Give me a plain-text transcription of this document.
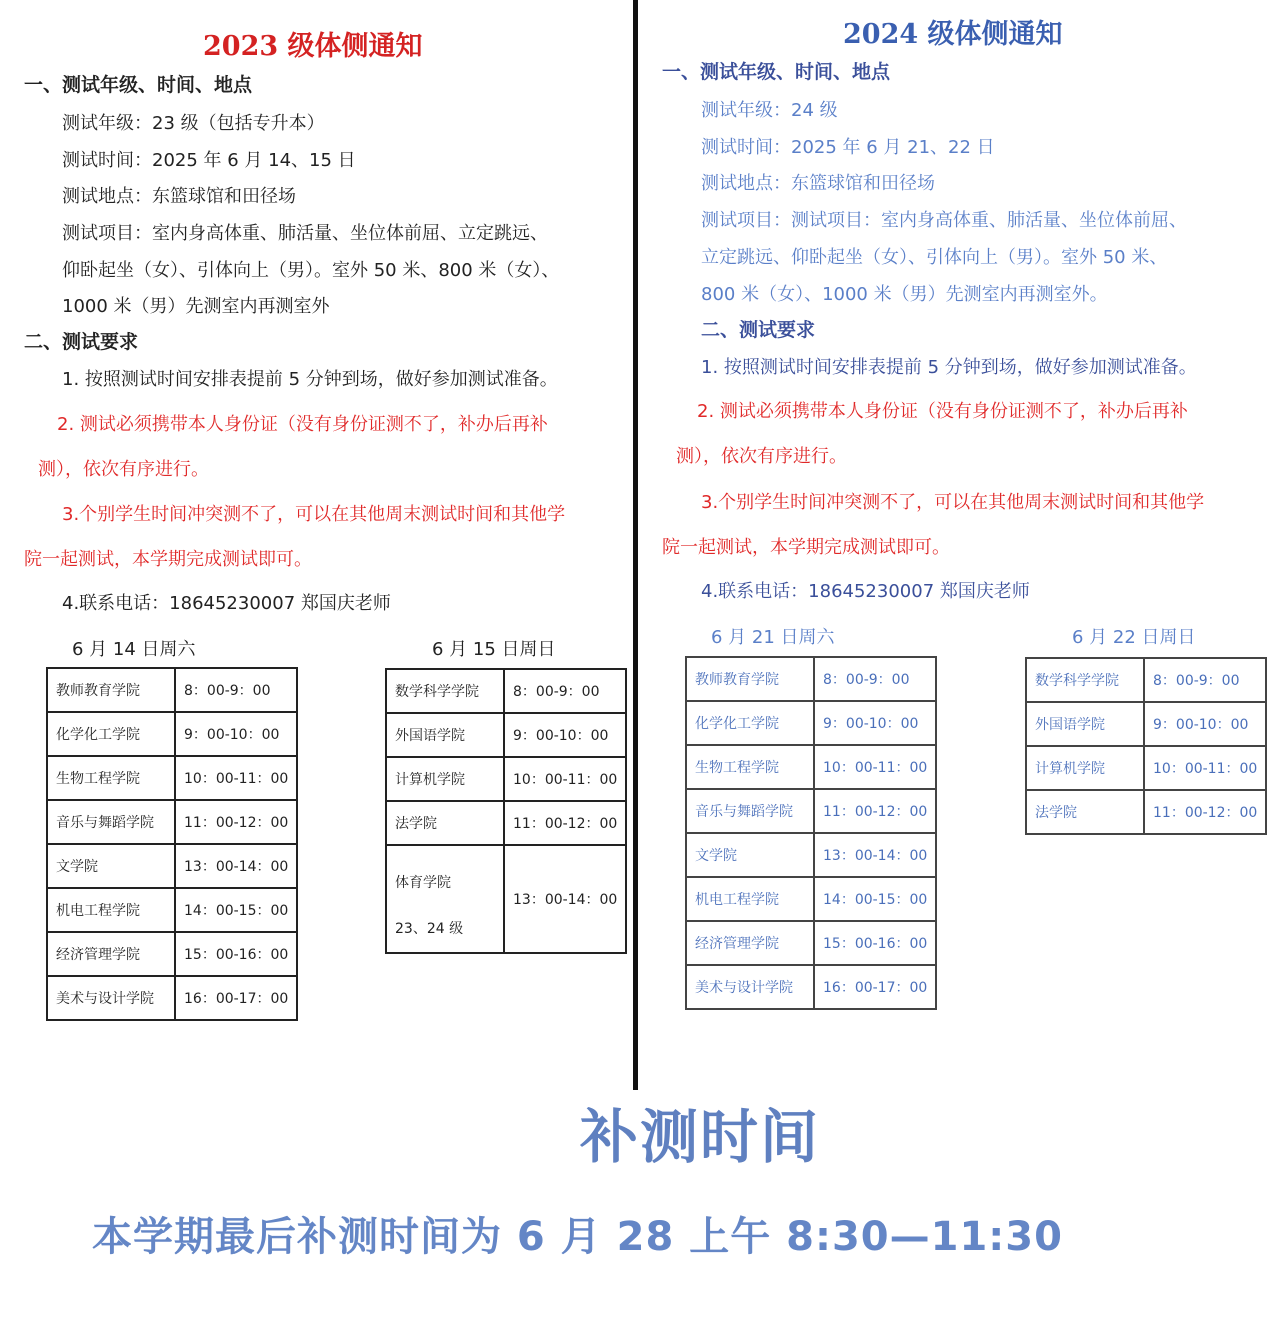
2023 级体侧通知
一、测试年级、时间、地点
测试年级：23 级（包括专升本）
测试时间：2025 年 6 月 14、15 日
测试地点：东篮球馆和田径场
测试项目：室内身高体重、肺活量、坐位体前屈、立定跳远、
仰卧起坐（女）、引体向上（男）。室外 50 米、800 米（女）、
1000 米（男）先测室内再测室外
二、测试要求
1. 按照测试时间安排表提前 5 分钟到场，做好参加测试准备。
2. 测试必须携带本人身份证（没有身份证测不了，补办后再补
测），依次有序进行。
3.个别学生时间冲突测不了，可以在其他周末测试时间和其他学
院一起测试，本学期完成测试即可。
4.联系电话：18645230007 郑国庆老师
6 月 14 日周六
教师教育学院	8：00-9：00
化学化工学院	9：00-10：00
生物工程学院	10：00-11：00
音乐与舞蹈学院	11：00-12：00
文学院	13：00-14：00
机电工程学院	14：00-15：00
经济管理学院	15：00-16：00
美术与设计学院	16：00-17：00
6 月 15 日周日
数学科学学院	8：00-9：00
外国语学院	9：00-10：00
计算机学院	10：00-11：00
法学院	11：00-12：00

体育学院
23、24 级	13：00-14：00
2024 级体侧通知
一、测试年级、时间、地点
测试年级：24 级
测试时间：2025 年 6 月 21、22 日
测试地点：东篮球馆和田径场
测试项目：测试项目：室内身高体重、肺活量、坐位体前屈、
立定跳远、仰卧起坐（女）、引体向上（男）。室外 50 米、
800 米（女）、1000 米（男）先测室内再测室外。
二、测试要求
1. 按照测试时间安排表提前 5 分钟到场，做好参加测试准备。
2. 测试必须携带本人身份证（没有身份证测不了，补办后再补
测），依次有序进行。
3.个别学生时间冲突测不了，可以在其他周末测试时间和其他学
院一起测试，本学期完成测试即可。
4.联系电话：18645230007 郑国庆老师
6 月 21 日周六
教师教育学院	8：00-9：00
化学化工学院	9：00-10：00
生物工程学院	10：00-11：00
音乐与舞蹈学院	11：00-12：00
文学院	13：00-14：00
机电工程学院	14：00-15：00
经济管理学院	15：00-16：00
美术与设计学院	16：00-17：00
6 月 22 日周日
数学科学学院	8：00-9：00
外国语学院	9：00-10：00
计算机学院	10：00-11：00
法学院	11：00-12：00
补测时间
本学期最后补测时间为 6 月 28 上午 8:30—11:30
